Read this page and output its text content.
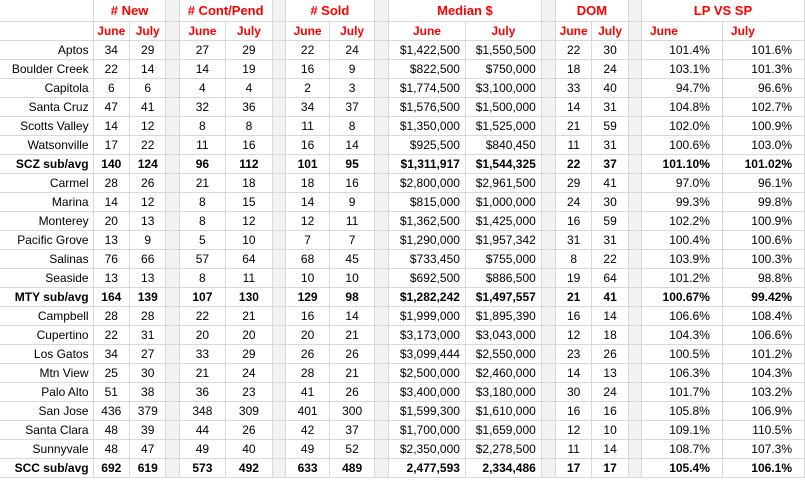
	# New			# Cont/Pend			# Sold			Median $			DOM			LP VS SP	
	June	July		June	July		June	July		June	July		June	July		June	July
Aptos	34	29		27	29		22	24		$1,422,500	$1,550,500		22	30		101.4%	101.6%
Boulder Creek	22	14		14	19		16	9		$822,500	$750,000		18	24		103.1%	101.3%
Capitola	6	6		4	4		2	3		$1,774,500	$3,100,000		33	40		94.7%	96.6%
Santa Cruz	47	41		32	36		34	37		$1,576,500	$1,500,000		14	31		104.8%	102.7%
Scotts Valley	14	12		8	8		11	8		$1,350,000	$1,525,000		21	59		102.0%	100.9%
Watsonville	17	22		11	16		16	14		$925,500	$840,450		11	31		100.6%	103.0%
SCZ sub/avg	140	124		96	112		101	95		$1,311,917	$1,544,325		22	37		101.10%	101.02%
Carmel	28	26		21	18		18	16		$2,800,000	$2,961,500		29	41		97.0%	96.1%
Marina	14	12		8	15		14	9		$815,000	$1,000,000		24	30		99.3%	99.8%
Monterey	20	13		8	12		12	11		$1,362,500	$1,425,000		16	59		102.2%	100.9%
Pacific Grove	13	9		5	10		7	7		$1,290,000	$1,957,342		31	31		100.4%	100.6%
Salinas	76	66		57	64		68	45		$733,450	$755,000		8	22		103.9%	100.3%
Seaside	13	13		8	11		10	10		$692,500	$886,500		19	64		101.2%	98.8%
MTY sub/avg	164	139		107	130		129	98		$1,282,242	$1,497,557		21	41		100.67%	99.42%
Campbell	28	28		22	21		16	14		$1,999,000	$1,895,390		16	14		106.6%	108.4%
Cupertino	22	31		20	20		20	21		$3,173,000	$3,043,000		12	18		104.3%	106.6%
Los Gatos	34	27		33	29		26	26		$3,099,444	$2,550,000		23	26		100.5%	101.2%
Mtn View	25	30		21	24		28	21		$2,500,000	$2,460,000		14	13		106.3%	104.3%
Palo Alto	51	38		36	23		41	26		$3,400,000	$3,180,000		30	24		101.7%	103.2%
San Jose	436	379		348	309		401	300		$1,599,300	$1,610,000		16	16		105.8%	106.9%
Santa Clara	48	39		44	26		42	37		$1,700,000	$1,659,000		12	10		109.1%	110.5%
Sunnyvale	48	47		49	40		49	52		$2,350,000	$2,278,500		11	14		108.7%	107.3%
SCC sub/avg	692	619		573	492		633	489		2,477,593	2,334,486		17	17		105.4%	106.1%
